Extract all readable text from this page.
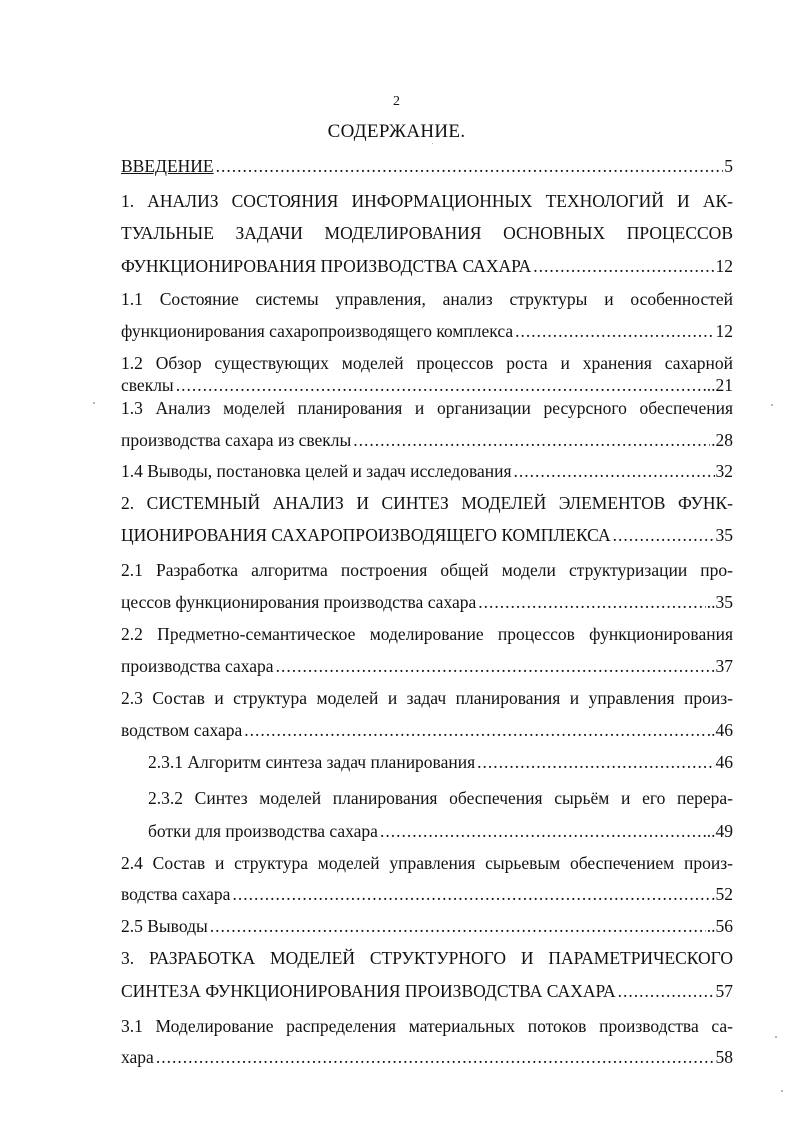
2
СОДЕРЖАНИЕ.
ВВЕДЕНИЕ .....	5
1. АНАЛИЗ СОСТОЯНИЯ ИНФОРМАЦИОННЫХ ТЕХНОЛОГИЙ И АК-
ТУАЛЬНЫЕ ЗАДАЧИ МОДЕЛИРОВАНИЯ ОСНОВНЫХ ПРОЦЕССОВ
ФУНКЦИОНИРОВАНИЯ ПРОИЗВОДСТВА САХАРА .....	12
1.1 Состояние системы управления, анализ структуры и особенностей
функционирования сахаропроизводящего комплекса .....	12
1.2 Обзор существующих моделей процессов роста и хранения сахарной
свеклы .....	..21
1.3 Анализ моделей планирования и организации ресурсного обеспечения
производства сахара из свеклы .....	.28
1.4 Выводы, постановка целей и задач исследования .....	32
2. СИСТЕМНЫЙ АНАЛИЗ И СИНТЕЗ МОДЕЛЕЙ ЭЛЕМЕНТОВ ФУНК-
ЦИОНИРОВАНИЯ САХАРОПРОИЗВОДЯЩЕГО КОМПЛЕКСА .....	35
2.1 Разработка алгоритма построения общей модели структуризации про-
цессов функционирования производства сахара .....	..35
2.2 Предметно-семантическое моделирование процессов функционирования
производства сахара .....	37
2.3 Состав и структура моделей и задач планирования и управления произ-
водством сахара .....	..46
2.3.1 Алгоритм синтеза задач планирования .....	46
2.3.2 Синтез моделей планирования обеспечения сырьём и его перера-
ботки для производства сахара .....	..49
2.4 Состав и структура моделей управления сырьевым обеспечением произ-
водства сахара .....	.52
2.5 Выводы .....	..56
3. РАЗРАБОТКА МОДЕЛЕЙ СТРУКТУРНОГО И ПАРАМЕТРИЧЕСКОГО
СИНТЕЗА ФУНКЦИОНИРОВАНИЯ ПРОИЗВОДСТВА САХАРА .....	57
3.1 Моделирование распределения материальных потоков производства са-
хара .....	58
